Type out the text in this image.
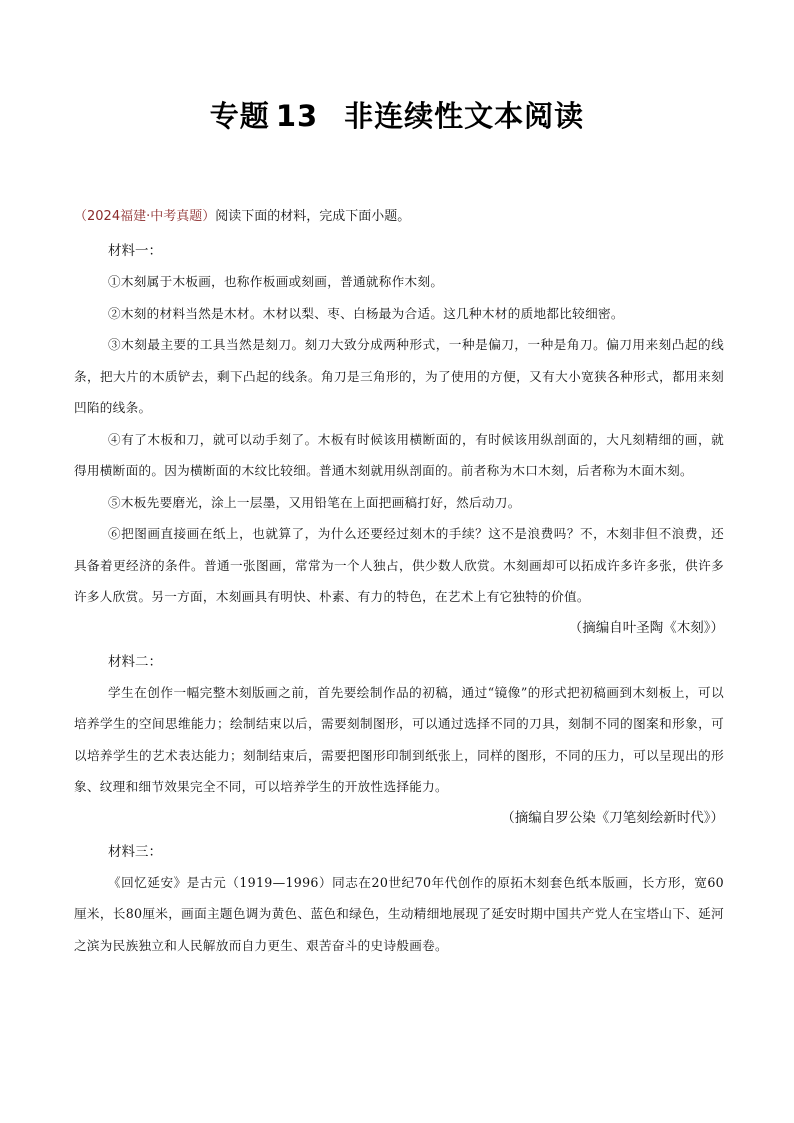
专题 13 非连续性文本阅读
（2024福建·中考真题）阅读下面的材料，完成下面小题。
材料一：

①木刻属于木板画，也称作板画或刻画，普通就称作木刻。

②木刻的材料当然是木材。木材以梨、枣、白杨最为合适。这几种木材的质地都比较细密。

③木刻最主要的工具当然是刻刀。刻刀大致分成两种形式，一种是偏刀，一种是角刀。偏刀用来刻凸起的线条，把大片的木质铲去，剩下凸起的线条。角刀是三角形的，为了使用的方便，又有大小宽狭各种形式，都用来刻凹陷的线条。

④有了木板和刀，就可以动手刻了。木板有时候该用横断面的，有时候该用纵剖面的，大凡刻精细的画，就得用横断面的。因为横断面的木纹比较细。普通木刻就用纵剖面的。前者称为木口木刻，后者称为木面木刻。

⑤木板先要磨光，涂上一层墨，又用铅笔在上面把画稿打好，然后动刀。

⑥把图画直接画在纸上，也就算了，为什么还要经过刻木的手续？这不是浪费吗？不，木刻非但不浪费，还具备着更经济的条件。普通一张图画，常常为一个人独占，供少数人欣赏。木刻画却可以拓成许多许多张，供许多许多人欣赏。另一方面，木刻画具有明快、朴素、有力的特色，在艺术上有它独特的价值。

（摘编自叶圣陶《木刻》）
材料二：

学生在创作一幅完整木刻版画之前，首先要绘制作品的初稿，通过“镜像”的形式把初稿画到木刻板上，可以培养学生的空间思维能力；绘制结束以后，需要刻制图形，可以通过选择不同的刀具，刻制不同的图案和形象，可以培养学生的艺术表达能力；刻制结束后，需要把图形印制到纸张上，同样的图形，不同的压力，可以呈现出的形象、纹理和细节效果完全不同，可以培养学生的开放性选择能力。

（摘编自罗公染《刀笔刻绘新时代》）
材料三：

《回忆延安》是古元（1919—1996）同志在20世纪70年代创作的原拓木刻套色纸本版画，长方形，宽60厘米，长80厘米，画面主题色调为黄色、蓝色和绿色，生动精细地展现了延安时期中国共产党人在宝塔山下、延河之滨为民族独立和人民解放而自力更生、艰苦奋斗的史诗般画卷。
